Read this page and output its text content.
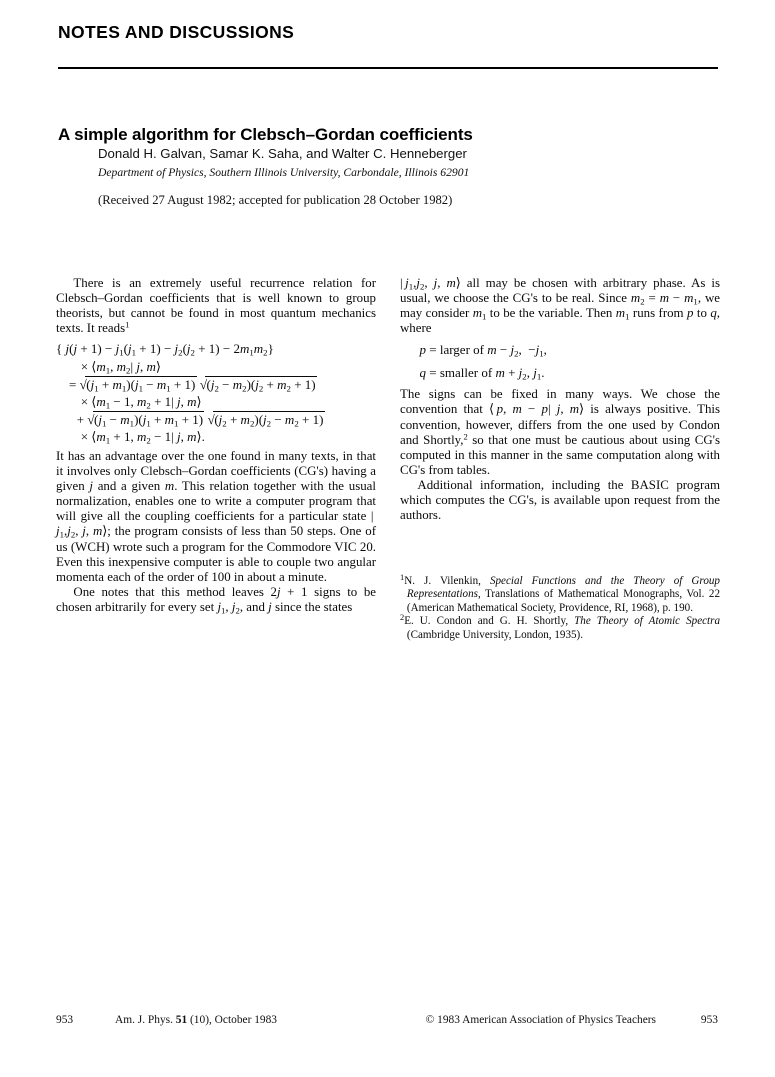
NOTES AND DISCUSSIONS
A simple algorithm for Clebsch–Gordan coefficients
Donald H. Galvan, Samar K. Saha, and Walter C. Henneberger
Department of Physics, Southern Illinois University, Carbondale, Illinois 62901
(Received 27 August 1982; accepted for publication 28 October 1982)

There is an extremely useful recurrence relation for Clebsch–Gordan coefficients that is well known to group theorists, but cannot be found in most quantum mechanics texts. It reads$^1$

{ $j(j + 1) - j_1(j_1 + 1) - j_2(j_2 + 1) - 2m_1m_2$}
× $⟨m_1$, $m_2|$ j, m⟩
= $√(j_1 + m_1)(j_1 - m_1 + 1) √(j_2 - m_2)(j_2 + m_2 + 1)$
× $⟨m_1 - 1$, $m_2 + 1|$ j, m⟩
+ $√(j_1 - m_1)(j_1 + m_1 + 1) √(j_2 + m_2)(j_2 - m_2 + 1)$
× $⟨m_1 + 1$, $m_2 - 1|$ j, m⟩.

It has an advantage over the one found in many texts, in that it involves only Clebsch–Gordan coefficients (CG's) having a given j and a given m. This relation together with the usual normalization, enables one to write a computer program that will give all the coupling coefficients for a particular state | $j_1,j_2$, j, m⟩; the program consists of less than 50 steps. One of us (WCH) wrote such a program for the Commodore VIC 20. Even this inexpensive computer is able to couple two angular momenta each of the order of 100 in about a minute.

One notes that this method leaves 2j + 1 signs to be chosen arbitrarily for every set $j_1$, $j_2$, and j since the states

| $j_1,j_2$, j, m⟩ all may be chosen with arbitrary phase. As is usual, we choose the CG's to be real. Since $m_2 = m - m_1$, we may consider $m_1$ to be the variable. Then $m_1$ runs from p to q, where

p = larger of $m - j_2$,  $-j_1$,
q = smaller of $m + j_2$, $j_1$.

The signs can be fixed in many ways. We chose the convention that ⟨ p, m − p| j, m⟩ is always positive. This convention, however, differs from the one used by Condon and Shortly,$^2$ so that one must be cautious about using CG's computed in this manner in the same computation along with CG's from tables.

Additional information, including the BASIC program which computes the CG's, is available upon request from the authors.

$^1$N. J. Vilenkin, Special Functions and the Theory of Group Representations, Translations of Mathematical Monographs, Vol. 22 (American Mathematical Society, Providence, RI, 1968), p. 190.

$^2$E. U. Condon and G. H. Shortly, The Theory of Atomic Spectra (Cambridge University, London, 1935).

953	Am. J. Phys. 51 (10), October 1983	© 1983 American Association of Physics Teachers	953
